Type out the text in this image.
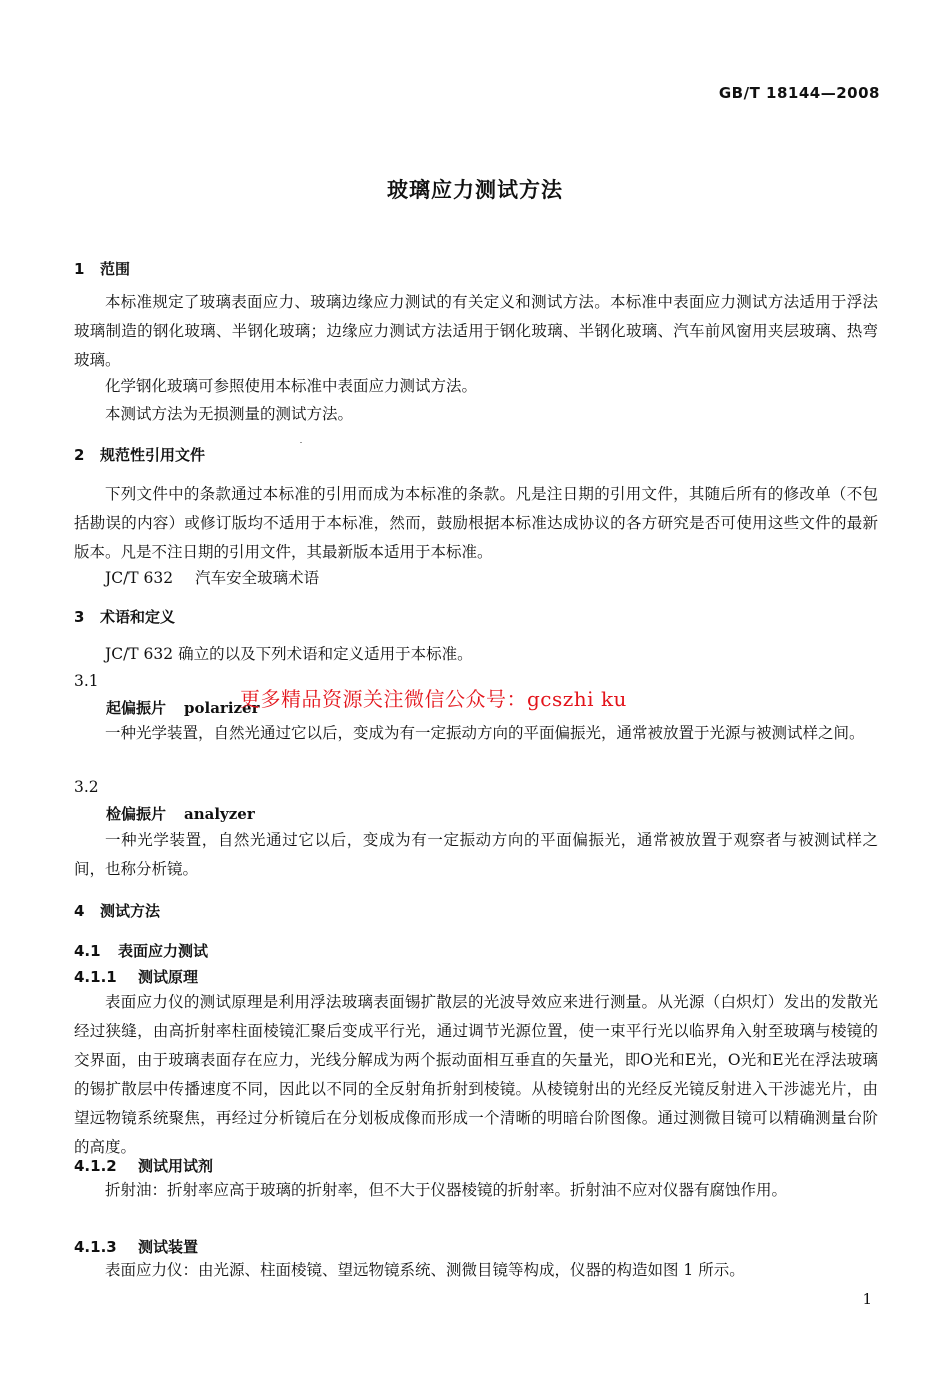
GB/T 18144—2008
玻璃应力测试方法
1 范围
本标准规定了玻璃表面应力、玻璃边缘应力测试的有关定义和测试方法。本标准中表面应力测试方法适用于浮法玻璃制造的钢化玻璃、半钢化玻璃；边缘应力测试方法适用于钢化玻璃、半钢化玻璃、汽车前风窗用夹层玻璃、热弯玻璃。
化学钢化玻璃可参照使用本标准中表面应力测试方法。
本测试方法为无损测量的测试方法。
2 规范性引用文件
下列文件中的条款通过本标准的引用而成为本标准的条款。凡是注日期的引用文件，其随后所有的修改单（不包括勘误的内容）或修订版均不适用于本标准，然而，鼓励根据本标准达成协议的各方研究是否可使用这些文件的最新版本。凡是不注日期的引用文件，其最新版本适用于本标准。
JC/T 632 汽车安全玻璃术语
3 术语和定义
JC/T 632 确立的以及下列术语和定义适用于本标准。
3.1
起偏振片 polarizer
一种光学装置，自然光通过它以后，变成为有一定振动方向的平面偏振光，通常被放置于光源与被测试样之间。
3.2
检偏振片 analyzer
一种光学装置，自然光通过它以后，变成为有一定振动方向的平面偏振光，通常被放置于观察者与被测试样之间，也称分析镜。
4 测试方法
4.1 表面应力测试
4.1.1 测试原理
表面应力仪的测试原理是利用浮法玻璃表面锡扩散层的光波导效应来进行测量。从光源（白炽灯）发出的发散光经过狭缝，由高折射率柱面棱镜汇聚后变成平行光，通过调节光源位置，使一束平行光以临界角入射至玻璃与棱镜的交界面，由于玻璃表面存在应力，光线分解成为两个振动面相互垂直的矢量光，即O光和E光，O光和E光在浮法玻璃的锡扩散层中传播速度不同，因此以不同的全反射角折射到棱镜。从棱镜射出的光经反光镜反射进入干涉滤光片，由望远物镜系统聚焦，再经过分析镜后在分划板成像而形成一个清晰的明暗台阶图像。通过测微目镜可以精确测量台阶的高度。
4.1.2 测试用试剂
折射油：折射率应高于玻璃的折射率，但不大于仪器棱镜的折射率。折射油不应对仪器有腐蚀作用。
4.1.3 测试装置
表面应力仪：由光源、柱面棱镜、望远物镜系统、测微目镜等构成，仪器的构造如图 1 所示。
1
更多精品资源关注微信公众号：gcszhi ku
